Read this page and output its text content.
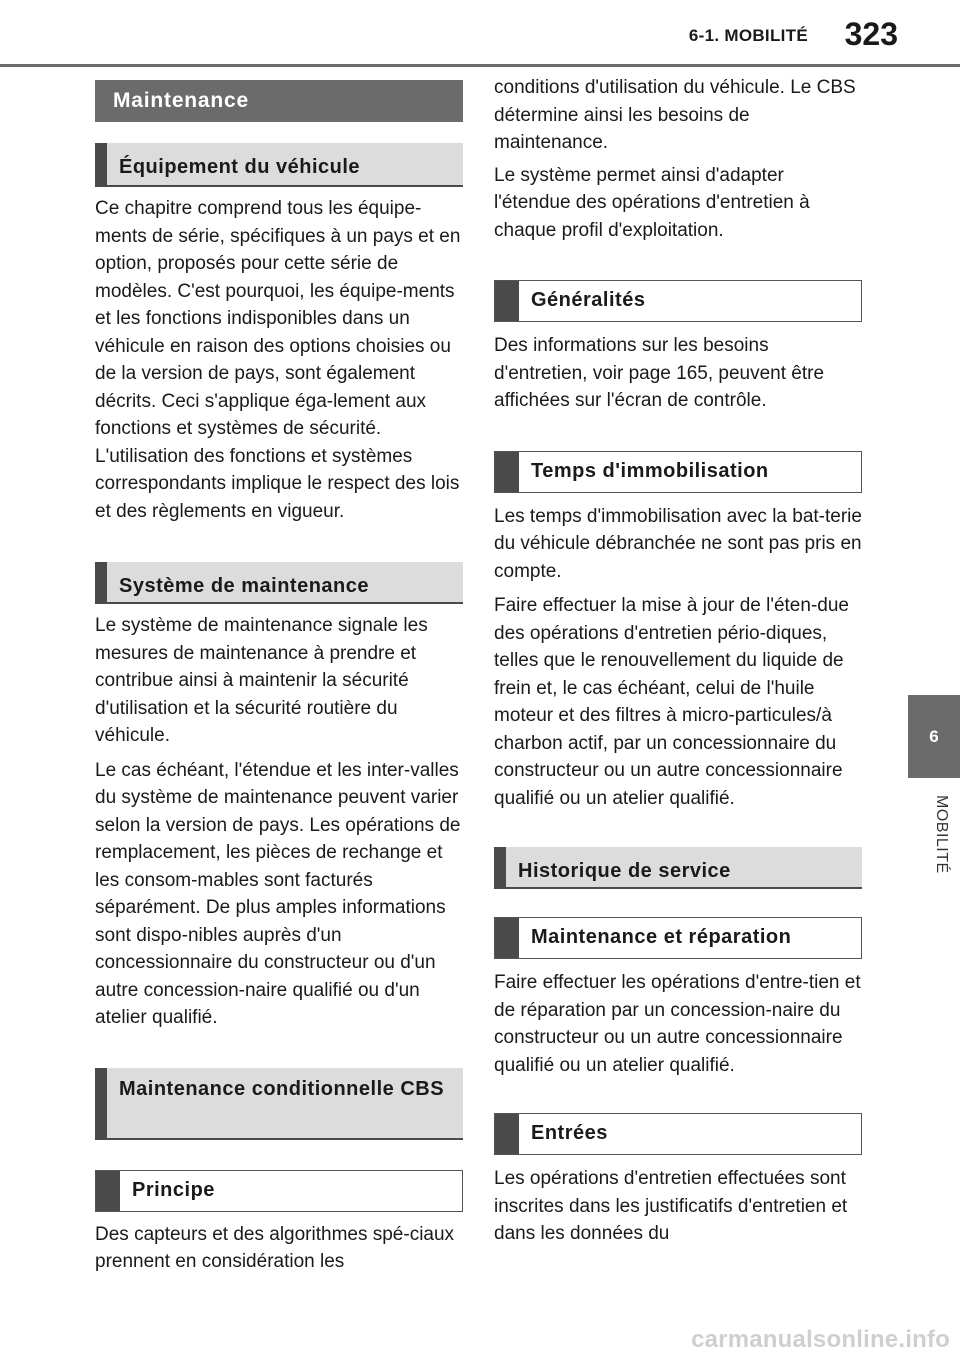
6-1. MOBILITÉ	323
6
MOBILITÉ
Maintenance
Équipement du véhicule

Ce chapitre comprend tous les équipe-ments de série, spécifiques à un pays et en option, proposés pour cette série de modèles. C'est pourquoi, les équipe-ments et les fonctions indisponibles dans un véhicule en raison des options choisies ou de la version de pays, sont également décrits. Ceci s'applique éga-lement aux fonctions et systèmes de sécurité. L'utilisation des fonctions et systèmes correspondants implique le respect des lois et des règlements en vigueur.

Système de maintenance

Le système de maintenance signale les mesures de maintenance à prendre et contribue ainsi à maintenir la sécurité d'utilisation et la sécurité routière du véhicule.

Le cas échéant, l'étendue et les inter-valles du système de maintenance peuvent varier selon la version de pays. Les opérations de remplacement, les pièces de rechange et les consom-mables sont facturés séparément. De plus amples informations sont dispo-nibles auprès d'un concessionnaire du constructeur ou d'un autre concession-naire qualifié ou d'un atelier qualifié.

Maintenance conditionnelle CBS
Principe

Des capteurs et des algorithmes spé-ciaux prennent en considération les

conditions d'utilisation du véhicule. Le CBS détermine ainsi les besoins de maintenance.

Le système permet ainsi d'adapter l'étendue des opérations d'entretien à chaque profil d'exploitation.

Généralités

Des informations sur les besoins d'entretien, voir page 165, peuvent être affichées sur l'écran de contrôle.

Temps d'immobilisation

Les temps d'immobilisation avec la bat-terie du véhicule débranchée ne sont pas pris en compte.

Faire effectuer la mise à jour de l'éten-due des opérations d'entretien pério-diques, telles que le renouvellement du liquide de frein et, le cas échéant, celui de l'huile moteur et des filtres à micro-particules/à charbon actif, par un concessionnaire du constructeur ou un autre concessionnaire qualifié ou un atelier qualifié.

Historique de service
Maintenance et réparation

Faire effectuer les opérations d'entre-tien et de réparation par un concession-naire du constructeur ou un autre concessionnaire qualifié ou un atelier qualifié.

Entrées

Les opérations d'entretien effectuées sont inscrites dans les justificatifs d'entretien et dans les données du

carmanualsonline.info
